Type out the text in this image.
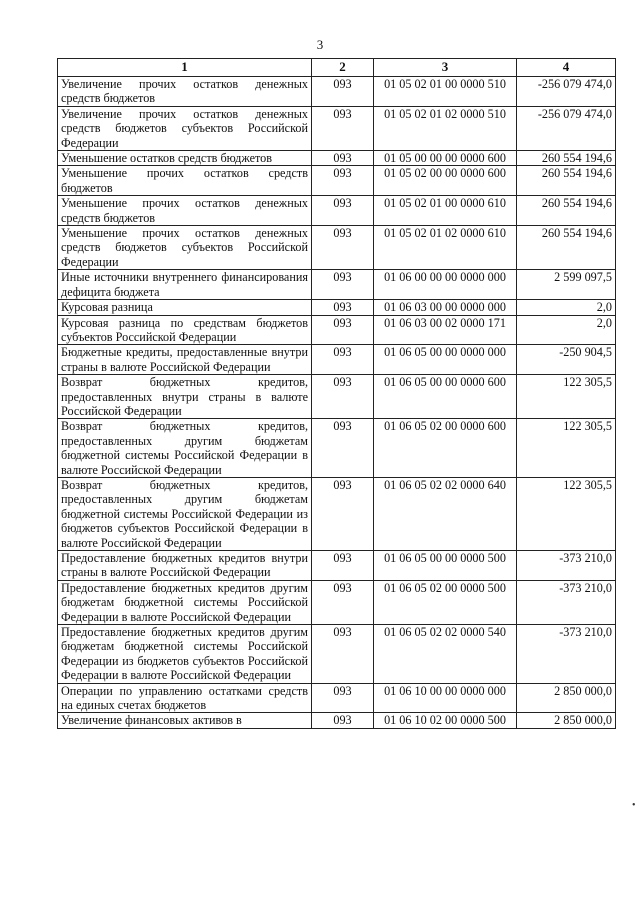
3
1	2	3	4
Увеличение прочих остатков денежных средств бюджетов	093	01 05 02 01 00 0000 510	-256 079 474,0
Увеличение прочих остатков денежных средств бюджетов субъектов Российской Федерации	093	01 05 02 01 02 0000 510	-256 079 474,0
Уменьшение остатков средств бюджетов	093	01 05 00 00 00 0000 600	260 554 194,6
Уменьшение прочих остатков средств бюджетов	093	01 05 02 00 00 0000 600	260 554 194,6
Уменьшение прочих остатков денежных средств бюджетов	093	01 05 02 01 00 0000 610	260 554 194,6
Уменьшение прочих остатков денежных средств бюджетов субъектов Российской Федерации	093	01 05 02 01 02 0000 610	260 554 194,6
Иные источники внутреннего финансирования дефицита бюджета	093	01 06 00 00 00 0000 000	2 599 097,5
Курсовая разница	093	01 06 03 00 00 0000 000	2,0
Курсовая разница по средствам бюджетов субъектов Российской Федерации	093	01 06 03 00 02 0000 171	2,0
Бюджетные кредиты, предоставленные внутри страны в валюте Российской Федерации	093	01 06 05 00 00 0000 000	-250 904,5
Возврат бюджетных кредитов, предоставленных внутри страны в валюте Российской Федерации	093	01 06 05 00 00 0000 600	122 305,5
Возврат бюджетных кредитов, предоставленных другим бюджетам бюджетной системы Российской Федерации в валюте Российской Федерации	093	01 06 05 02 00 0000 600	122 305,5
Возврат бюджетных кредитов, предоставленных другим бюджетам бюджетной системы Российской Федерации из бюджетов субъектов Российской Федерации в валюте Российской Федерации	093	01 06 05 02 02 0000 640	122 305,5
Предоставление бюджетных кредитов внутри страны в валюте Российской Федерации	093	01 06 05 00 00 0000 500	-373 210,0
Предоставление бюджетных кредитов другим бюджетам бюджетной системы Российской Федерации в валюте Российской Федерации	093	01 06 05 02 00 0000 500	-373 210,0
Предоставление бюджетных кредитов другим бюджетам бюджетной системы Российской Федерации из бюджетов субъектов Российской Федерации в валюте Российской Федерации	093	01 06 05 02 02 0000 540	-373 210,0
Операции по управлению остатками средств на единых счетах бюджетов	093	01 06 10 00 00 0000 000	2 850 000,0
Увеличение финансовых активов в	093	01 06 10 02 00 0000 500	2 850 000,0
•
